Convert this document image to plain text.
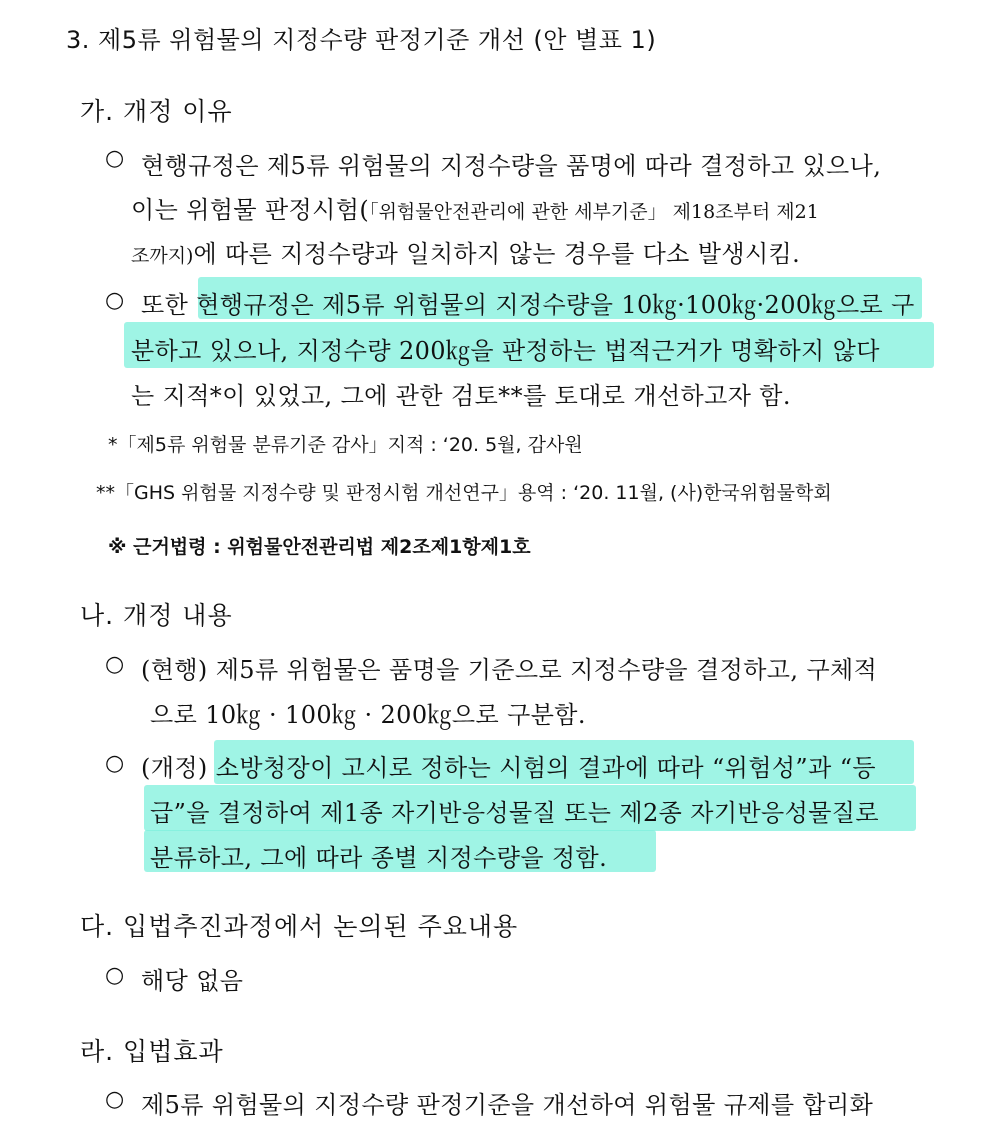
3. 제5류 위험물의 지정수량 판정기준 개선 (안 별표 1)
가. 개정 이유
○ 현행규정은 제5류 위험물의 지정수량을 품명에 따라 결정하고 있으나,
이는 위험물 판정시험(「위험물안전관리에 관한 세부기준」 제18조부터 제21
조까지)에 따른 지정수량과 일치하지 않는 경우를 다소 발생시킴.
○ 또한 현행규정은 제5류 위험물의 지정수량을 10㎏·100㎏·200㎏으로 구
분하고 있으나, 지정수량 200㎏을 판정하는 법적근거가 명확하지 않다
는 지적*이 있었고, 그에 관한 검토**를 토대로 개선하고자 함.
*「제5류 위험물 분류기준 감사」지적 : ‘20. 5월, 감사원
**「GHS 위험물 지정수량 및 판정시험 개선연구」용역 : ‘20. 11월, (사)한국위험물학회
※ 근거법령 : 위험물안전관리법 제2조제1항제1호
나. 개정 내용
○ (현행) 제5류 위험물은 품명을 기준으로 지정수량을 결정하고, 구체적
으로 10㎏ · 100㎏ · 200㎏으로 구분함.
○ (개정) 소방청장이 고시로 정하는 시험의 결과에 따라 “위험성”과 “등
급”을 결정하여 제1종 자기반응성물질 또는 제2종 자기반응성물질로
분류하고, 그에 따라 종별 지정수량을 정함.
다. 입법추진과정에서 논의된 주요내용
○ 해당 없음
라. 입법효과
○ 제5류 위험물의 지정수량 판정기준을 개선하여 위험물 규제를 합리화
